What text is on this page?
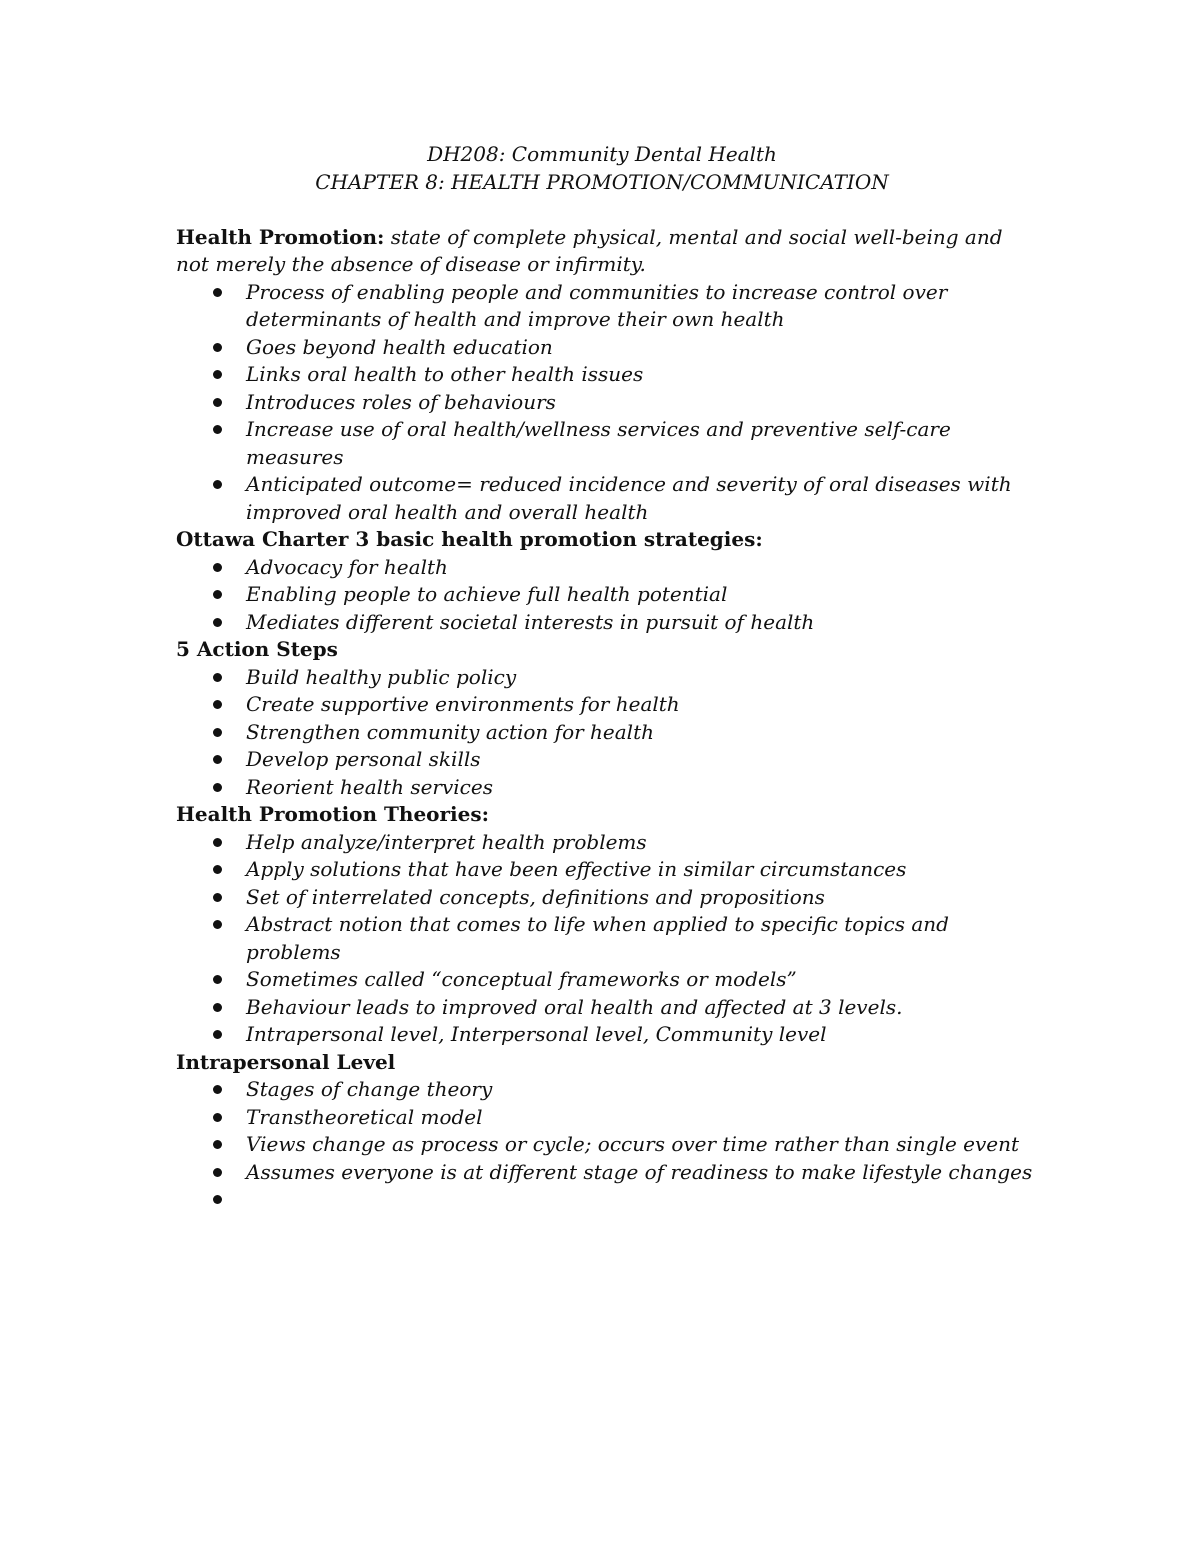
DH208: Community Dental Health
CHAPTER 8: HEALTH PROMOTION/COMMUNICATION
Health Promotion: state of complete physical, mental and social well-being and not merely the absence of disease or infirmity.
Process of enabling people and communities to increase control over determinants of health and improve their own health
Goes beyond health education
Links oral health to other health issues
Introduces roles of behaviours
Increase use of oral health/wellness services and preventive self-care measures
Anticipated outcome= reduced incidence and severity of oral diseases with improved oral health and overall health
Ottawa Charter 3 basic health promotion strategies:
Advocacy for health
Enabling people to achieve full health potential
Mediates different societal interests in pursuit of health
5 Action Steps
Build healthy public policy
Create supportive environments for health
Strengthen community action for health
Develop personal skills
Reorient health services
Health Promotion Theories:
Help analyze/interpret health problems
Apply solutions that have been effective in similar circumstances
Set of interrelated concepts, definitions and propositions
Abstract notion that comes to life when applied to specific topics and problems
Sometimes called “conceptual frameworks or models”
Behaviour leads to improved oral health and affected at 3 levels.
Intrapersonal level, Interpersonal level, Community level
Intrapersonal Level
Stages of change theory
Transtheoretical model
Views change as process or cycle; occurs over time rather than single event
Assumes everyone is at different stage of readiness to make lifestyle changes
